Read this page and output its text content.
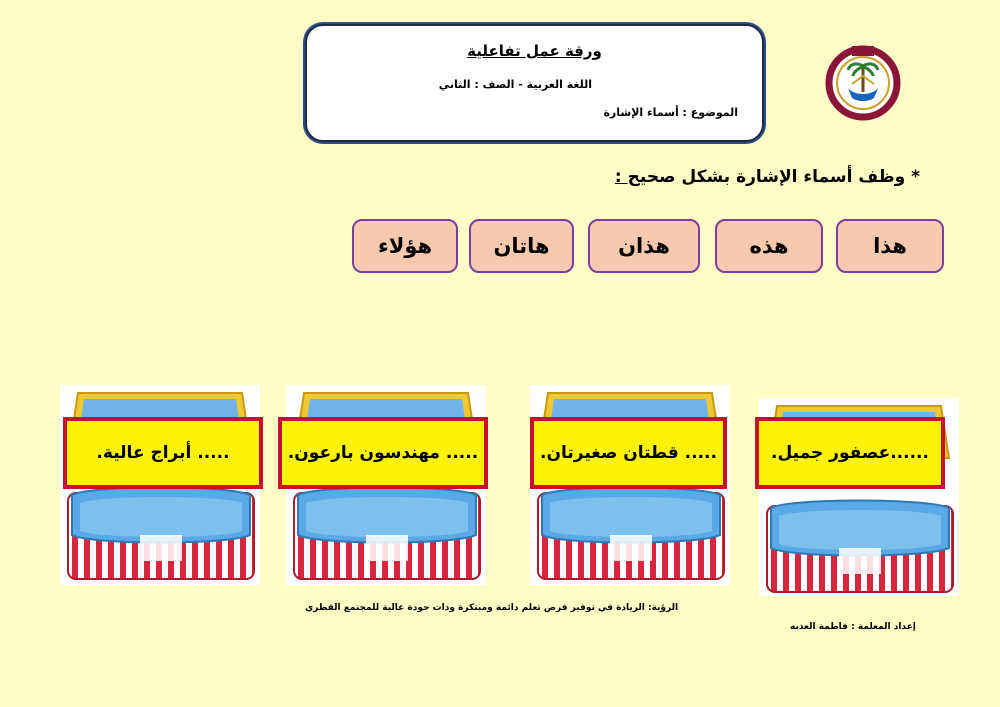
ورقة عمل تفاعلية
اللغة العربية - الصف : الثاني
الموضوع : أسماء الإشارة
* وظف أسماء الإشارة بشكل صحيح :
هذا
هذه
هذان
هاتان
هؤلاء
......عصفور جميل.
..... قطتان صغيرتان.
..... مهندسون بارعون.
..... أبراج عالية.
الرؤية: الريادة في توفير فرص تعلم دائمة ومبتكرة وذات جودة عالية للمجتمع القطري
إعداد المعلمة : فاطمة العذبه
